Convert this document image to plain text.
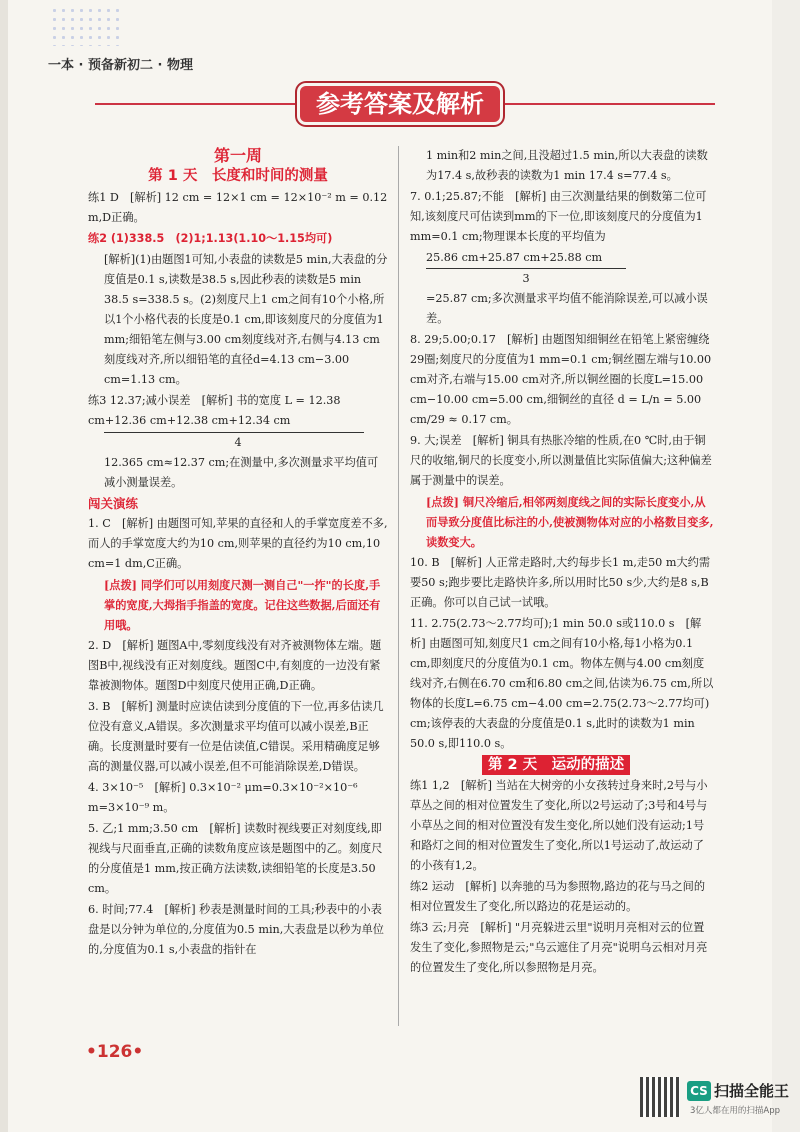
一本 · 预备新初二 · 物理
参考答案及解析
第一周
第 1 天　长度和时间的测量

练1 D　[解析] 12 cm = 12×1 cm = 12×10⁻² m = 0.12 m,D正确。

练2 (1)338.5　(2)1;1.13(1.10～1.15均可)

[解析](1)由题图1可知,小表盘的读数是5 min,大表盘的分度值是0.1 s,读数是38.5 s,因此秒表的读数是5 min 38.5 s=338.5 s。(2)刻度尺上1 cm之间有10个小格,所以1个小格代表的长度是0.1 cm,即该刻度尺的分度值为1 mm;细铅笔左侧与3.00 cm刻度线对齐,右侧与4.13 cm刻度线对齐,所以细铅笔的直径d=4.13 cm−3.00 cm=1.13 cm。

练3 12.37;减小误差　[解析] 书的宽度 L = 12.38 cm+12.36 cm+12.38 cm+12.34 cm

4

12.365 cm≈12.37 cm;在测量中,多次测量求平均值可减小测量误差。

闯关演练

1. C　[解析] 由题图可知,苹果的直径和人的手掌宽度差不多,而人的手掌宽度大约为10 cm,则苹果的直径约为10 cm,10 cm=1 dm,C正确。

[点拨] 同学们可以用刻度尺测一测自己"一拃"的长度,手掌的宽度,大拇指手指盖的宽度。记住这些数据,后面还有用哦。

2. D　[解析] 题图A中,零刻度线没有对齐被测物体左端。题图B中,视线没有正对刻度线。题图C中,有刻度的一边没有紧靠被测物体。题图D中刻度尺使用正确,D正确。

3. B　[解析] 测量时应读估读到分度值的下一位,再多估读几位没有意义,A错误。多次测量求平均值可以减小误差,B正确。长度测量时要有一位是估读值,C错误。采用精确度足够高的测量仪器,可以减小误差,但不可能消除误差,D错误。

4. 3×10⁻⁵　[解析] 0.3×10⁻² μm=0.3×10⁻²×10⁻⁶ m=3×10⁻⁹ m。

5. 乙;1 mm;3.50 cm　[解析] 读数时视线要正对刻度线,即视线与尺面垂直,正确的读数角度应该是题图中的乙。刻度尺的分度值是1 mm,按正确方法读数,读细铅笔的长度是3.50 cm。

6. 时间;77.4　[解析] 秒表是测量时间的工具;秒表中的小表盘是以分钟为单位的,分度值为0.5 min,大表盘是以秒为单位的,分度值为0.1 s,小表盘的指针在

1 min和2 min之间,且没超过1.5 min,所以大表盘的读数为17.4 s,故秒表的读数为1 min 17.4 s=77.4 s。

7. 0.1;25.87;不能　[解析] 由三次测量结果的倒数第二位可知,该刻度尺可估读到mm的下一位,即该刻度尺的分度值为1 mm=0.1 cm;物理课本长度的平均值为

25.86 cm+25.87 cm+25.88 cm
3

=25.87 cm;多次测量求平均值不能消除误差,可以减小误差。

8. 29;5.00;0.17　[解析] 由题图知细铜丝在铅笔上紧密缠绕29圈;刻度尺的分度值为1 mm=0.1 cm;铜丝圈左端与10.00 cm对齐,右端与15.00 cm对齐,所以铜丝圈的长度L=15.00 cm−10.00 cm=5.00 cm,细铜丝的直径 d = L/n = 5.00 cm/29 ≈ 0.17 cm。

9. 大;误差　[解析] 铜具有热胀冷缩的性质,在0 ℃时,由于铜尺的收缩,铜尺的长度变小,所以测量值比实际值偏大;这种偏差属于测量中的误差。

[点拨] 铜尺冷缩后,相邻两刻度线之间的实际长度变小,从而导致分度值比标注的小,使被测物体对应的小格数目变多,读数变大。

10. B　[解析] 人正常走路时,大约每步长1 m,走50 m大约需要50 s;跑步要比走路快许多,所以用时比50 s少,大约是8 s,B正确。你可以自己试一试哦。

11. 2.75(2.73～2.77均可);1 min 50.0 s或110.0 s　[解析] 由题图可知,刻度尺1 cm之间有10小格,每1小格为0.1 cm,即刻度尺的分度值为0.1 cm。物体左侧与4.00 cm刻度线对齐,右侧在6.70 cm和6.80 cm之间,估读为6.75 cm,所以物体的长度L=6.75 cm−4.00 cm=2.75(2.73～2.77均可) cm;该停表的大表盘的分度值是0.1 s,此时的读数为1 min 50.0 s,即110.0 s。

第 2 天　运动的描述

练1 1,2　[解析] 当站在大树旁的小女孩转过身来时,2号与小草丛之间的相对位置发生了变化,所以2号运动了;3号和4号与小草丛之间的相对位置没有发生变化,所以她们没有运动;1号和路灯之间的相对位置发生了变化,所以1号运动了,故运动了的小孩有1,2。

练2 运动　[解析] 以奔驰的马为参照物,路边的花与马之间的相对位置发生了变化,所以路边的花是运动的。

练3 云;月亮　[解析] "月亮躲进云里"说明月亮相对云的位置发生了变化,参照物是云;"乌云遮住了月亮"说明乌云相对月亮的位置发生了变化,所以参照物是月亮。

•126•
CS 扫描全能王
3亿人都在用的扫描App
